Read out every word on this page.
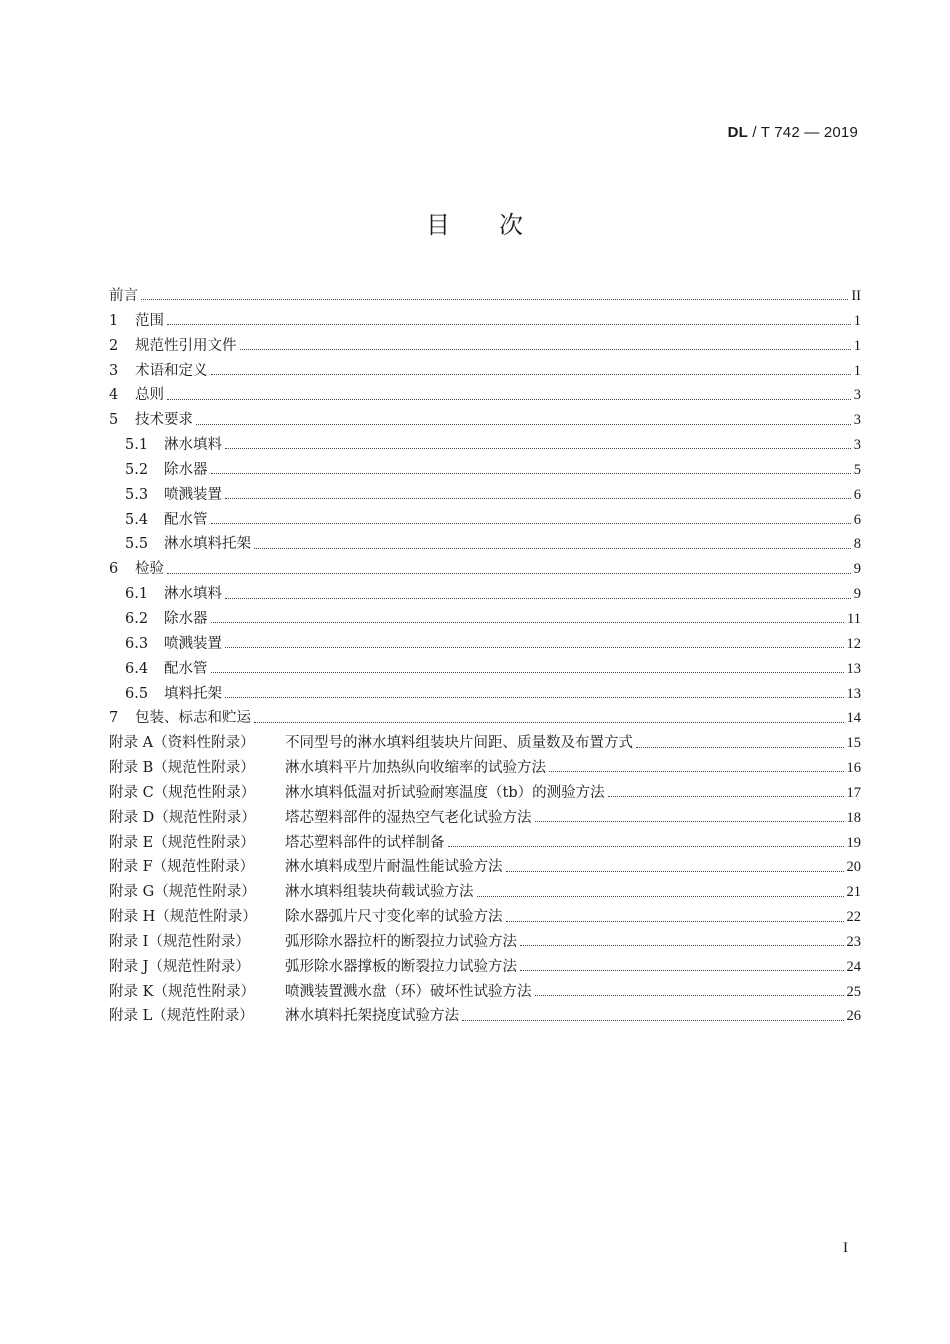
DL / T 742 — 2019
目 次
前言	II
1	范围	1
2	规范性引用文件	1
3	术语和定义	1
4	总则	3
5	技术要求	3
5.1	淋水填料	3
5.2	除水器	5
5.3	喷溅装置	6
5.4	配水管	6
5.5	淋水填料托架	8
6	检验	9
6.1	淋水填料	9
6.2	除水器	11
6.3	喷溅装置	12
6.4	配水管	13
6.5	填料托架	13
7	包装、标志和贮运	14
附录 A（资料性附录）	不同型号的淋水填料组装块片间距、质量数及布置方式	15
附录 B（规范性附录）	淋水填料平片加热纵向收缩率的试验方法	16
附录 C（规范性附录）	淋水填料低温对折试验耐寒温度（tb）的测验方法	17
附录 D（规范性附录）	塔芯塑料部件的湿热空气老化试验方法	18
附录 E（规范性附录）	塔芯塑料部件的试样制备	19
附录 F（规范性附录）	淋水填料成型片耐温性能试验方法	20
附录 G（规范性附录）	淋水填料组装块荷载试验方法	21
附录 H（规范性附录）	除水器弧片尺寸变化率的试验方法	22
附录 I（规范性附录）	弧形除水器拉杆的断裂拉力试验方法	23
附录 J（规范性附录）	弧形除水器撑板的断裂拉力试验方法	24
附录 K（规范性附录）	喷溅装置溅水盘（环）破坏性试验方法	25
附录 L（规范性附录）	淋水填料托架挠度试验方法	26
I
